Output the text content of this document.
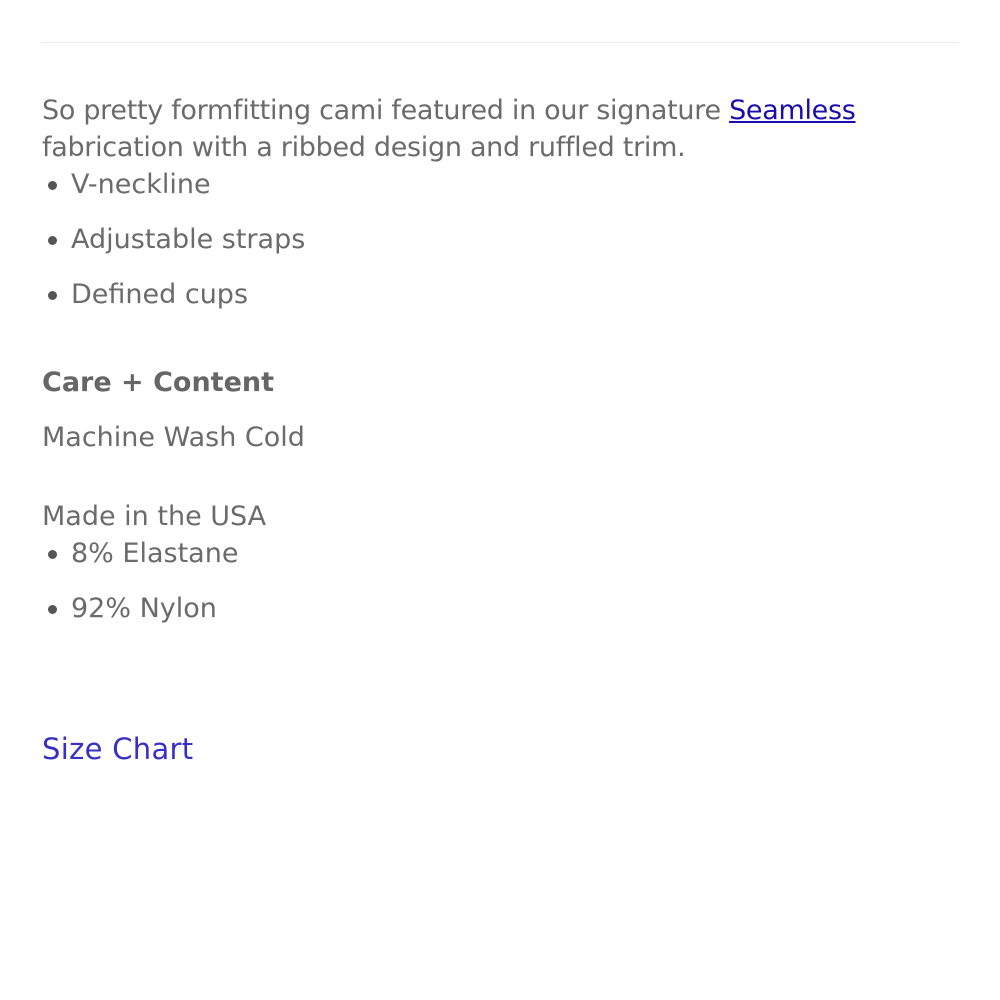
So pretty formfitting cami featured in our signature Seamless fabrication with a ribbed design and ruffled trim.

V-neckline
Adjustable straps
Defined cups
Care + Content
Machine Wash Cold
Made in the USA
8% Elastane
92% Nylon
Size Chart
